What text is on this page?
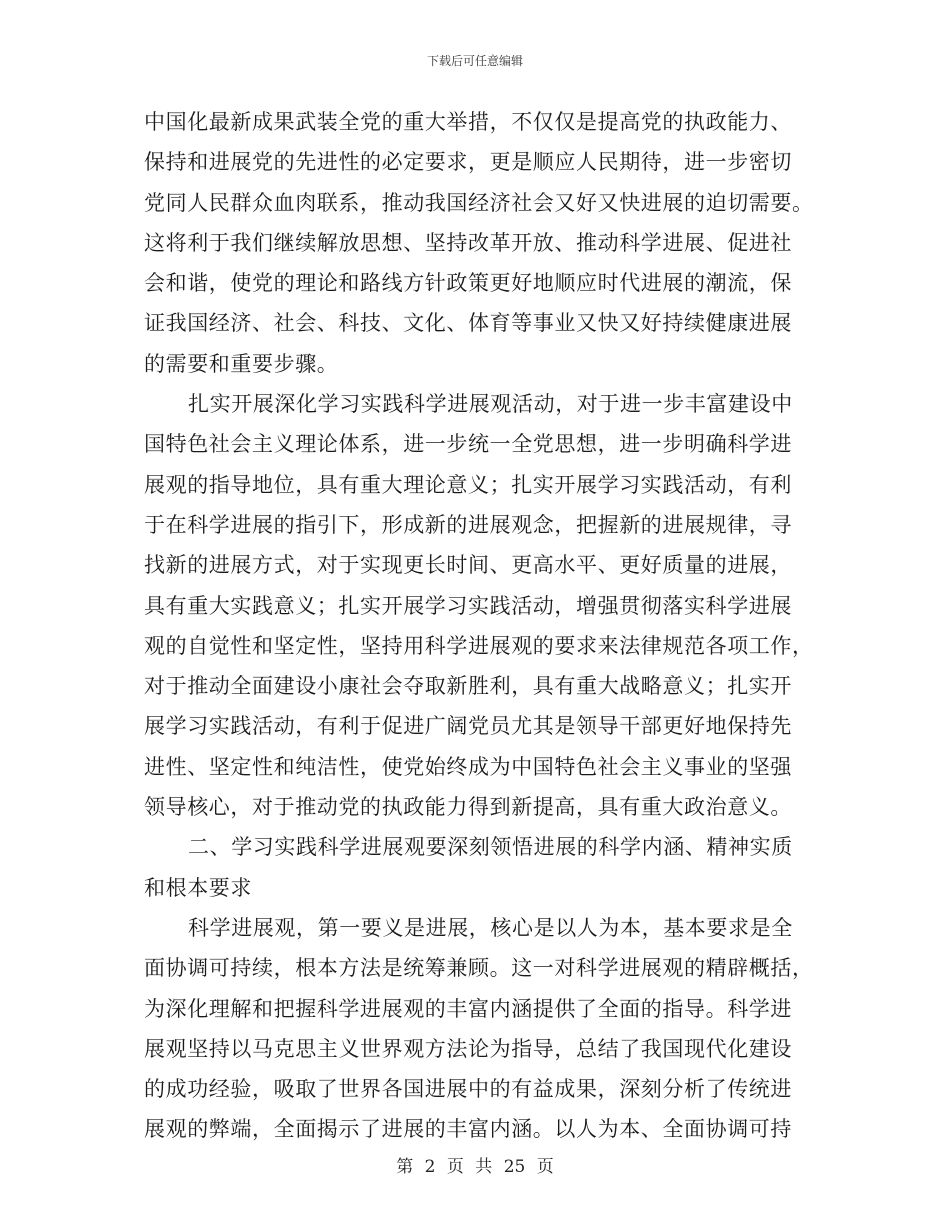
下载后可任意编辑
中国化最新成果武装全党的重大举措，不仅仅是提高党的执政能力、
保持和进展党的先进性的必定要求，更是顺应人民期待，进一步密切
党同人民群众血肉联系，推动我国经济社会又好又快进展的迫切需要。
这将利于我们继续解放思想、坚持改革开放、推动科学进展、促进社
会和谐，使党的理论和路线方针政策更好地顺应时代进展的潮流，保
证我国经济、社会、科技、文化、体育等事业又快又好持续健康进展
的需要和重要步骤。
扎实开展深化学习实践科学进展观活动，对于进一步丰富建设中
国特色社会主义理论体系，进一步统一全党思想，进一步明确科学进
展观的指导地位，具有重大理论意义；扎实开展学习实践活动，有利
于在科学进展的指引下，形成新的进展观念，把握新的进展规律，寻
找新的进展方式，对于实现更长时间、更高水平、更好质量的进展，
具有重大实践意义；扎实开展学习实践活动，增强贯彻落实科学进展
观的自觉性和坚定性，坚持用科学进展观的要求来法律规范各项工作，
对于推动全面建设小康社会夺取新胜利，具有重大战略意义；扎实开
展学习实践活动，有利于促进广阔党员尤其是领导干部更好地保持先
进性、坚定性和纯洁性，使党始终成为中国特色社会主义事业的坚强
领导核心，对于推动党的执政能力得到新提高，具有重大政治意义。
二、学习实践科学进展观要深刻领悟进展的科学内涵、精神实质
和根本要求
科学进展观，第一要义是进展，核心是以人为本，基本要求是全
面协调可持续，根本方法是统筹兼顾。这一对科学进展观的精辟概括，
为深化理解和把握科学进展观的丰富内涵提供了全面的指导。科学进
展观坚持以马克思主义世界观方法论为指导，总结了我国现代化建设
的成功经验，吸取了世界各国进展中的有益成果，深刻分析了传统进
展观的弊端，全面揭示了进展的丰富内涵。以人为本、全面协调可持
第 2 页 共 25 页
